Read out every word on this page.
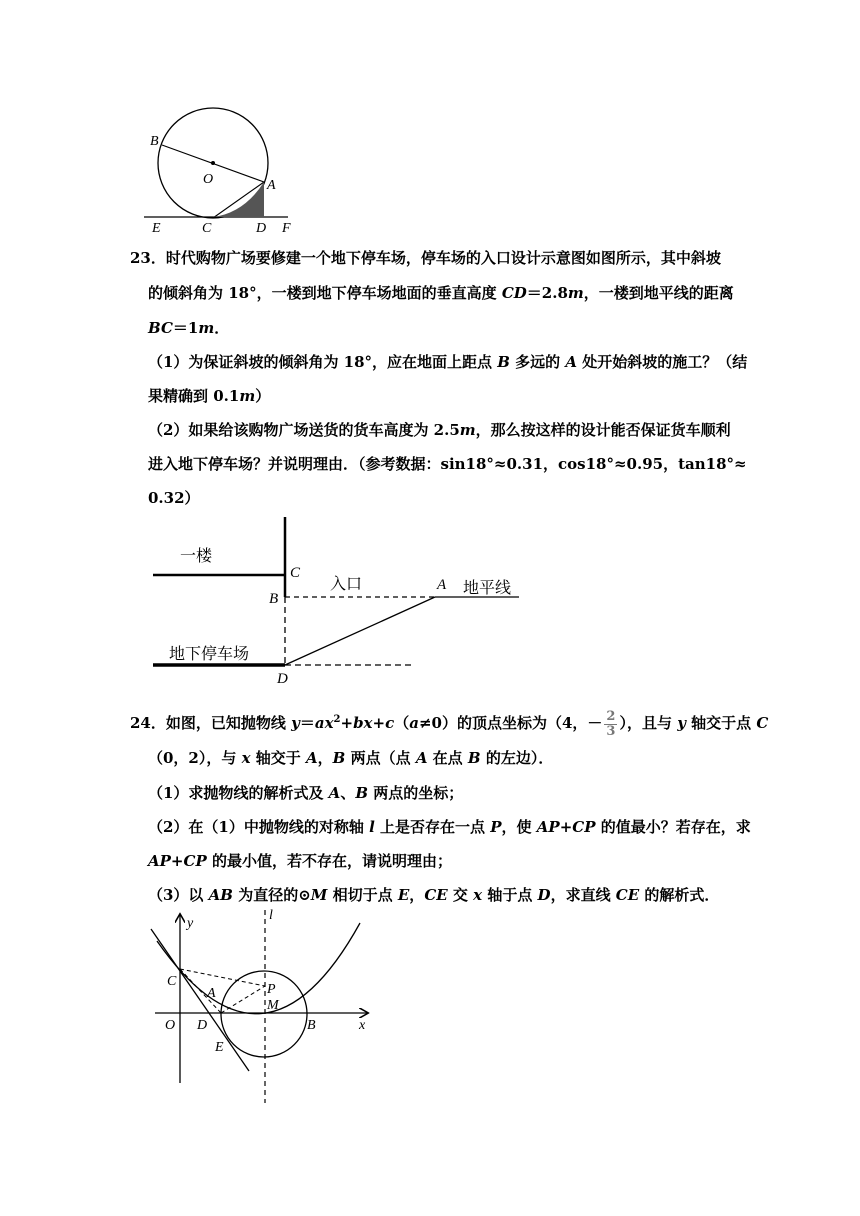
B
O	A
E	C	D F
23．时代购物广场要修建一个地下停车场，停车场的入口设计示意图如图所示，其中斜坡
的倾斜角为 18°，一楼到地下停车场地面的垂直高度 CD＝2.8m，一楼到地平线的距离
BC＝1m．
（1）为保证斜坡的倾斜角为 18°，应在地面上距点 B 多远的 A 处开始斜坡的施工？（结
果精确到 0.1m）
（2）如果给该购物广场送货的货车高度为 2.5m，那么按这样的设计能否保证货车顺利
进入地下停车场？并说明理由．（参考数据：sin18°≈0.31，cos18°≈0.95，tan18°≈
0.32）
一楼
入口	地平线
地下停车场
C
B
A
D
24．如图，已知抛物线 $y=ax^2+bx+c(a\ne 0)$的顶点坐标为（4，－ $\frac{2}{3}$ ），且与 y 轴交于点 C
（0，2），与 x 轴交于 A，B 两点（点 A 在点 B 的左边）．
（1）求抛物线的解析式及 A、B 两点的坐标；
（2）在（1）中抛物线的对称轴 l 上是否存在一点 P，使 AP+CP 的值最小？若存在，求
AP+CP 的最小值，若不存在，请说明理由；
（3）以 AB 为直径的⊙M 相切于点 E，CE 交 x 轴于点 D，求直线 CE 的解析式．
y
l
C
P
A
M
O D	B	x
E
